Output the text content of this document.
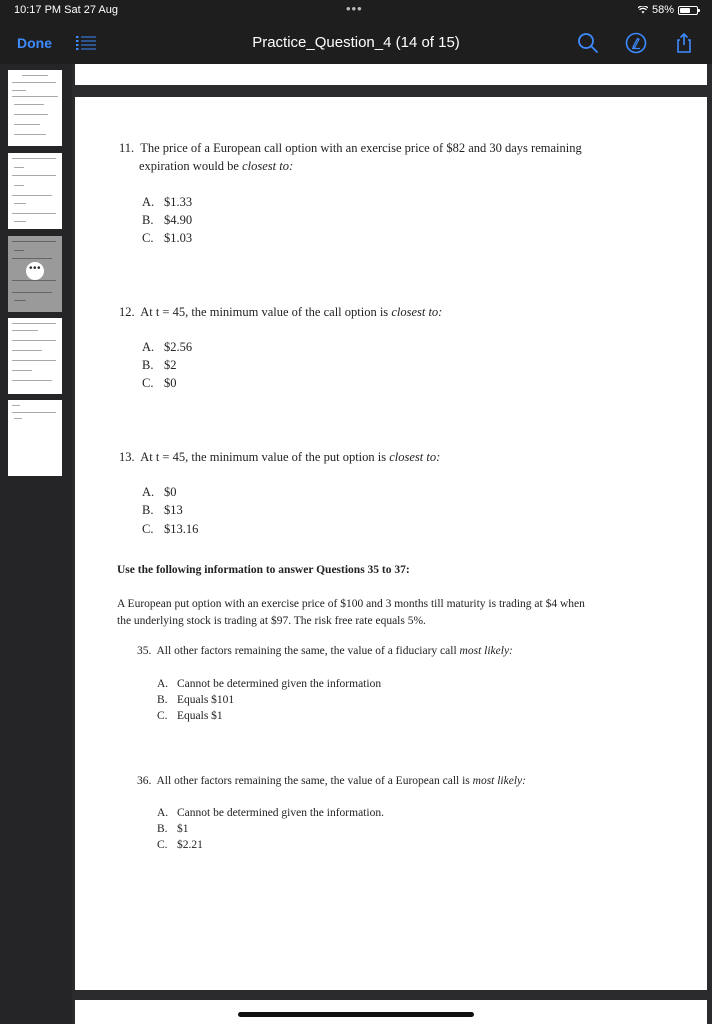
10:17 PM Sat 27 Aug	•••	58%
Done	Practice_Question_4 (14 of 15)
•••
11. The price of a European call option with an exercise price of $82 and 30 days remaining
expiration would be closest to:
A. $1.33
B. $4.90
C. $1.03
12. At t = 45, the minimum value of the call option is closest to:
A. $2.56
B. $2
C. $0
13. At t = 45, the minimum value of the put option is closest to:
A. $0
B. $13
C. $13.16
Use the following information to answer Questions 35 to 37:
A European put option with an exercise price of $100 and 3 months till maturity is trading at $4 when
the underlying stock is trading at $97. The risk free rate equals 5%.
35. All other factors remaining the same, the value of a fiduciary call most likely:
A. Cannot be determined given the information
B. Equals $101
C. Equals $1
36. All other factors remaining the same, the value of a European call is most likely:
A. Cannot be determined given the information.
B. $1
C. $2.21
